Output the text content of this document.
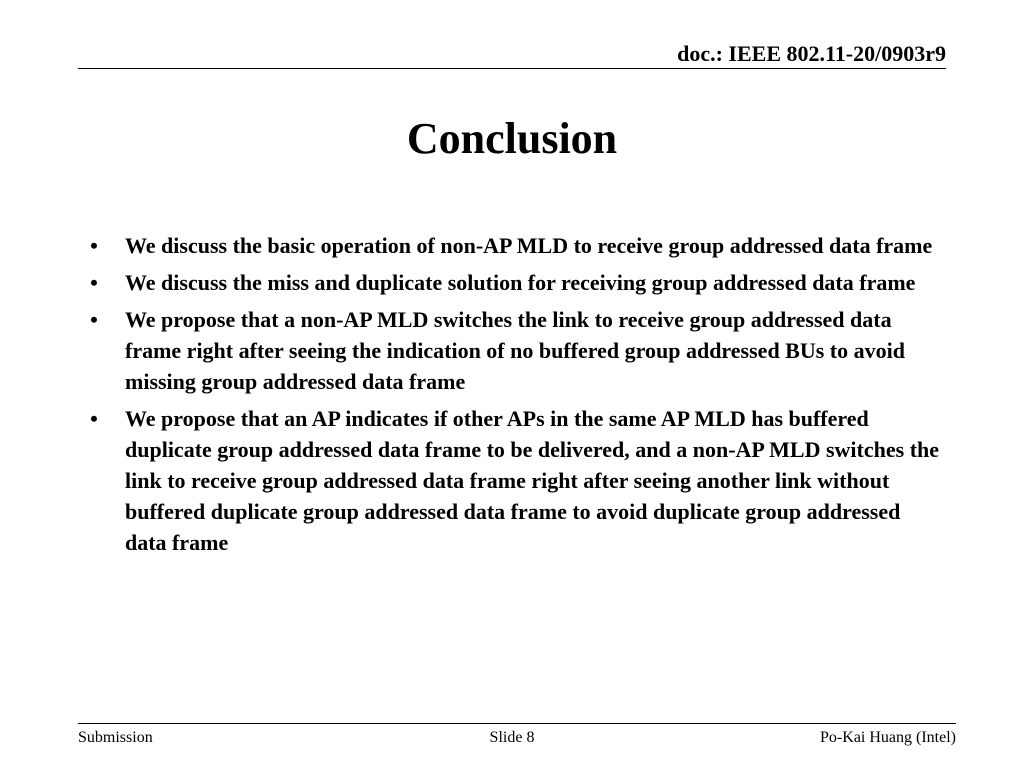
doc.: IEEE 802.11-20/0903r9
Conclusion
• We discuss the basic operation of non-AP MLD to receive group addressed data frame
• We discuss the miss and duplicate solution for receiving group addressed data frame
• We propose that a non-AP MLD switches the link to receive group addressed data frame right after seeing the indication of no buffered group addressed BUs to avoid missing group addressed data frame
• We propose that an AP indicates if other APs in the same AP MLD has buffered duplicate group addressed data frame to be delivered, and a non-AP MLD switches the link to receive group addressed data frame right after seeing another link without buffered duplicate group addressed data frame to avoid duplicate group addressed data frame
Submission	Slide 8	Po-Kai Huang (Intel)
